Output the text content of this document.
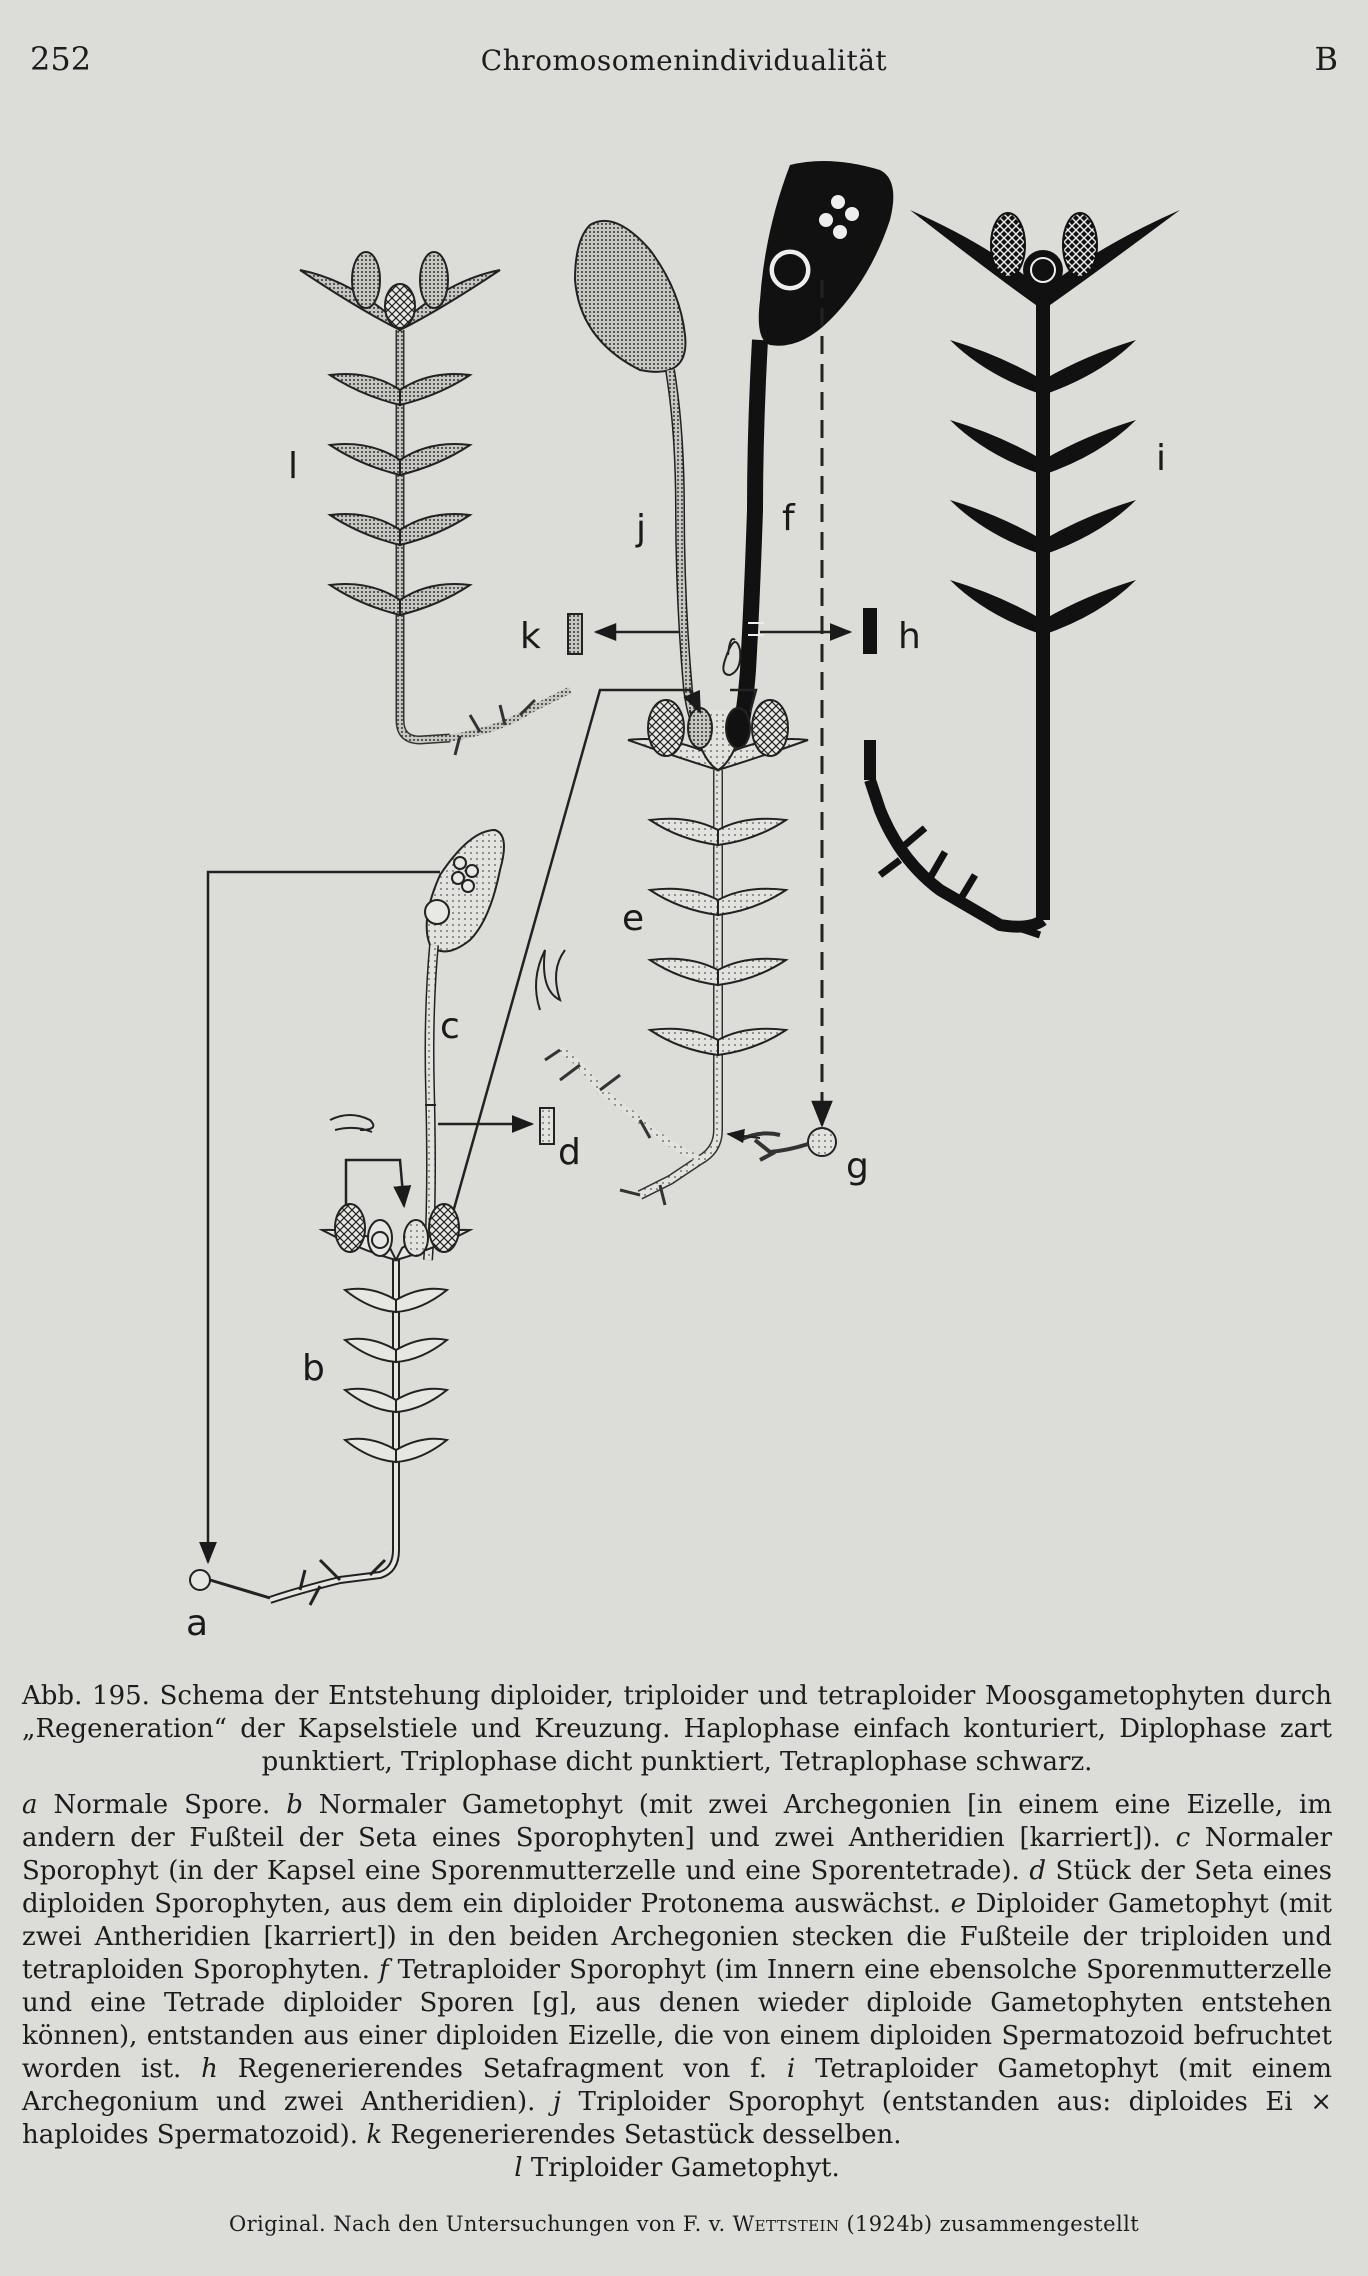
252	Chromosomenindividualität	B
l
k
j	f
h
i
e
c
d	g
b
a

Abb. 195. Schema der Entstehung diploider, triploider und tetraploider Moosgametophyten durch „Regeneration“ der Kapselstiele und Kreuzung. Haplophase einfach konturiert, Diplophase zart punktiert, Triplophase dicht punktiert, Tetraplophase schwarz.

a Normale Spore. b Normaler Gametophyt (mit zwei Archegonien [in einem eine Eizelle, im andern der Fußteil der Seta eines Sporophyten] und zwei Antheridien [karriert]). c Normaler Sporophyt (in der Kapsel eine Sporenmutterzelle und eine Sporentetrade). d Stück der Seta eines diploiden Sporophyten, aus dem ein diploider Protonema auswächst. e Diploider Gametophyt (mit zwei Antheridien [karriert]) in den beiden Archegonien stecken die Fußteile der triploiden und tetraploiden Sporophyten. f Tetraploider Sporophyt (im Innern eine ebensolche Sporenmutterzelle und eine Tetrade diploider Sporen [g], aus denen wieder diploide Gametophyten entstehen können), entstanden aus einer diploiden Eizelle, die von einem diploiden Spermatozoid befruchtet worden ist. h Regenerierendes Setafragment von f. i Tetraploider Gametophyt (mit einem Archegonium und zwei Antheridien). j Triploider Sporophyt (entstanden aus: diploides Ei × haploides Spermatozoid). k Regenerierendes Setastück desselben.

l Triploider Gametophyt.

Original. Nach den Untersuchungen von F. v. Wettstein (1924b) zusammengestellt
